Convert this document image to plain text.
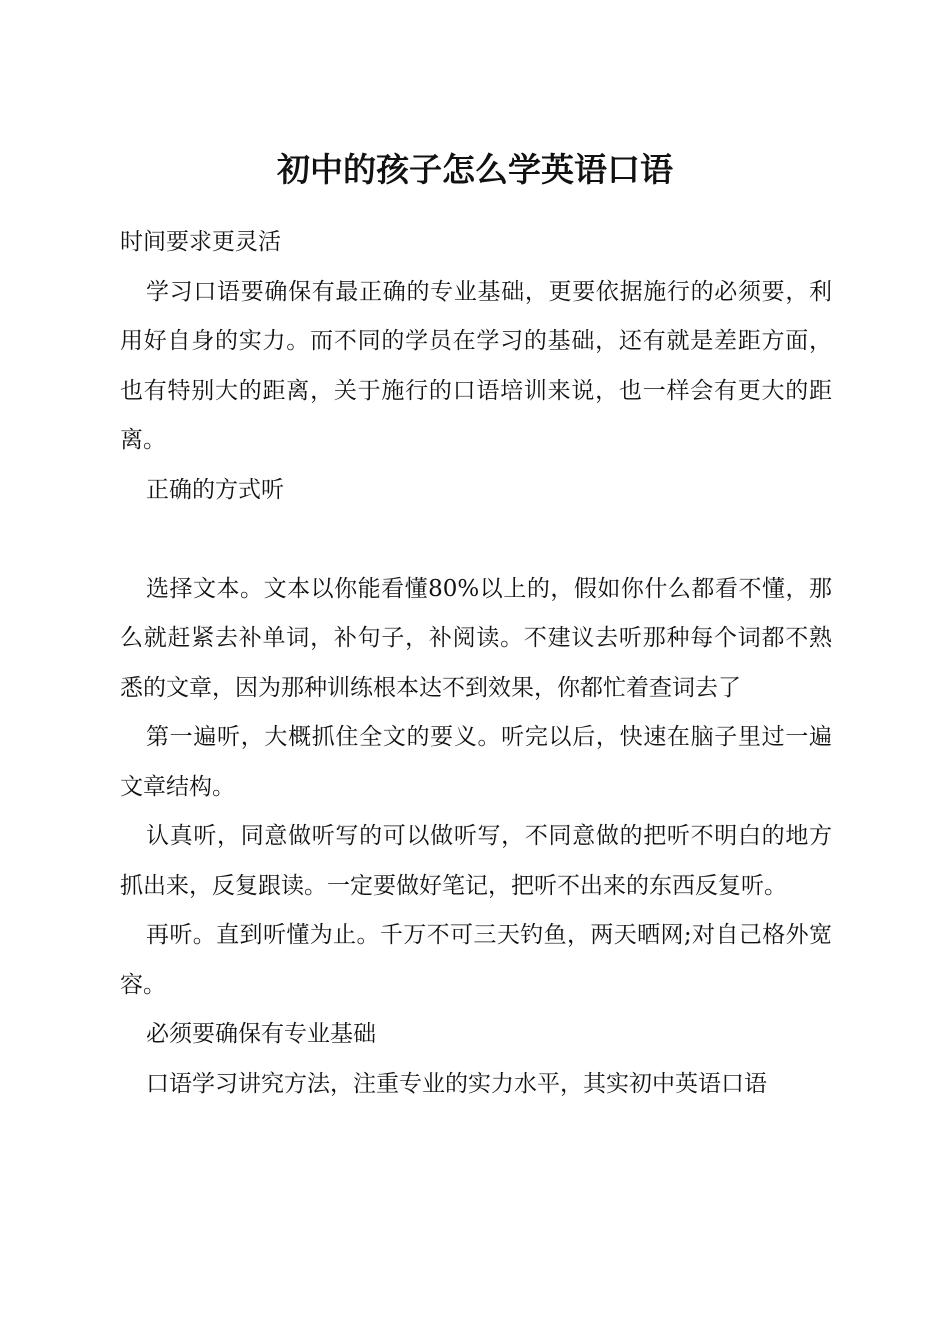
初中的孩子怎么学英语口语

时间要求更灵活

学习口语要确保有最正确的专业基础，更要依据施行的必须要，利用好自身的实力。而不同的学员在学习的基础，还有就是差距方面，也有特别大的距离，关于施行的口语培训来说，也一样会有更大的距离。

正确的方式听

选择文本。文本以你能看懂80%以上的，假如你什么都看不懂，那么就赶紧去补单词，补句子，补阅读。不建议去听那种每个词都不熟悉的文章，因为那种训练根本达不到效果，你都忙着查词去了

第一遍听，大概抓住全文的要义。听完以后，快速在脑子里过一遍文章结构。

认真听，同意做听写的可以做听写，不同意做的把听不明白的地方抓出来，反复跟读。一定要做好笔记，把听不出来的东西反复听。

再听。直到听懂为止。千万不可三天钓鱼，两天晒网;对自己格外宽容。

必须要确保有专业基础

口语学习讲究方法，注重专业的实力水平，其实初中英语口语
